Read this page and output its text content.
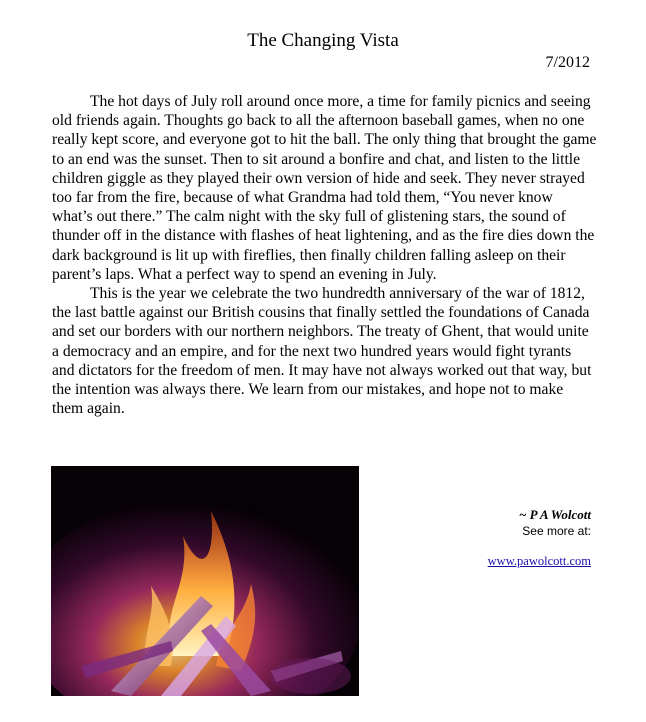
The Changing Vista
7/2012

The hot days of July roll around once more, a time for family picnics and seeing old friends again. Thoughts go back to all the afternoon baseball games, when no one really kept score, and everyone got to hit the ball. The only thing that brought the game to an end was the sunset. Then to sit around a bonfire and chat, and listen to the little children giggle as they played their own version of hide and seek. They never strayed too far from the fire, because of what Grandma had told them, “You never know what’s out there.” The calm night with the sky full of glistening stars, the sound of thunder off in the distance with flashes of heat lightening, and as the fire dies down the dark background is lit up with fireflies, then finally children falling asleep on their parent’s laps. What a perfect way to spend an evening in July.

This is the year we celebrate the two hundredth anniversary of the war of 1812, the last battle against our British cousins that finally settled the foundations of Canada and set our borders with our northern neighbors. The treaty of Ghent, that would unite a democracy and an empire, and for the next two hundred years would fight tyrants and dictators for the freedom of men. It may have not always worked out that way, but the intention was always there. We learn from our mistakes, and hope not to make them again.

~ P A Wolcott
See more at:
www.pawolcott.com
